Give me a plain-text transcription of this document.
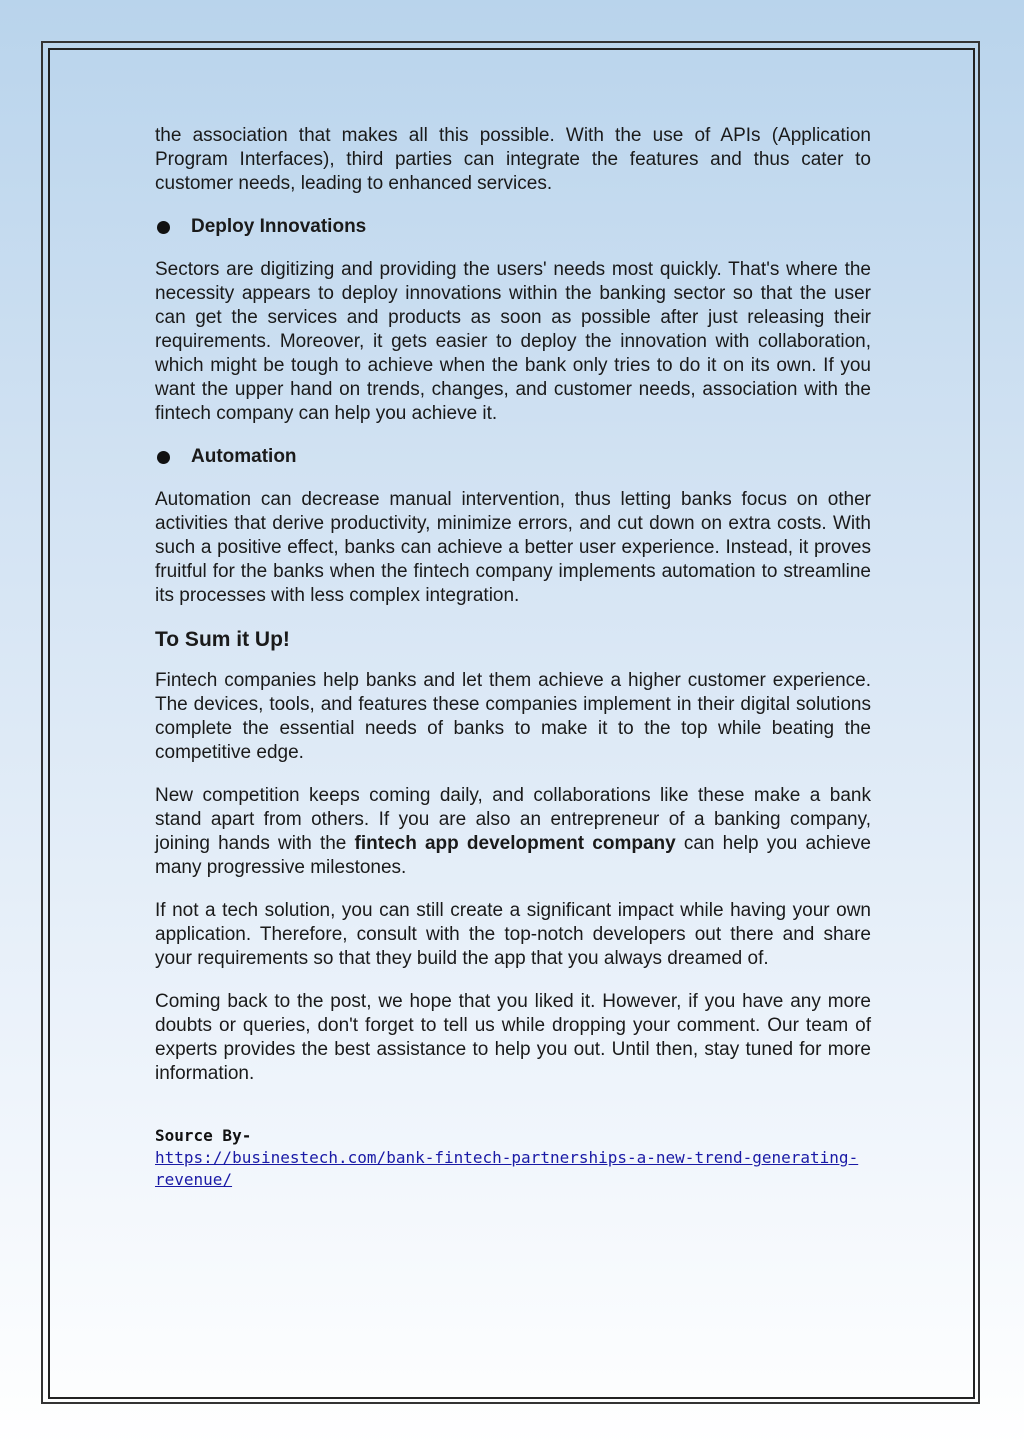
the association that makes all this possible. With the use of APIs (Application Program Interfaces), third parties can integrate the features and thus cater to customer needs, leading to enhanced services.

Deploy Innovations

Sectors are digitizing and providing the users' needs most quickly. That's where the necessity appears to deploy innovations within the banking sector so that the user can get the services and products as soon as possible after just releasing their requirements. Moreover, it gets easier to deploy the innovation with collaboration, which might be tough to achieve when the bank only tries to do it on its own. If you want the upper hand on trends, changes, and customer needs, association with the fintech company can help you achieve it.

Automation

Automation can decrease manual intervention, thus letting banks focus on other activities that derive productivity, minimize errors, and cut down on extra costs. With such a positive effect, banks can achieve a better user experience. Instead, it proves fruitful for the banks when the fintech company implements automation to streamline its processes with less complex integration.

To Sum it Up!

Fintech companies help banks and let them achieve a higher customer experience. The devices, tools, and features these companies implement in their digital solutions complete the essential needs of banks to make it to the top while beating the competitive edge.

New competition keeps coming daily, and collaborations like these make a bank stand apart from others. If you are also an entrepreneur of a banking company, joining hands with the fintech app development company can help you achieve many progressive milestones.

If not a tech solution, you can still create a significant impact while having your own application. Therefore, consult with the top-notch developers out there and share your requirements so that they build the app that you always dreamed of.

Coming back to the post, we hope that you liked it. However, if you have any more doubts or queries, don't forget to tell us while dropping your comment. Our team of experts provides the best assistance to help you out. Until then, stay tuned for more information.

Source By-
https://businestech.com/bank-fintech-partnerships-a-new-trend-generating-revenue/
